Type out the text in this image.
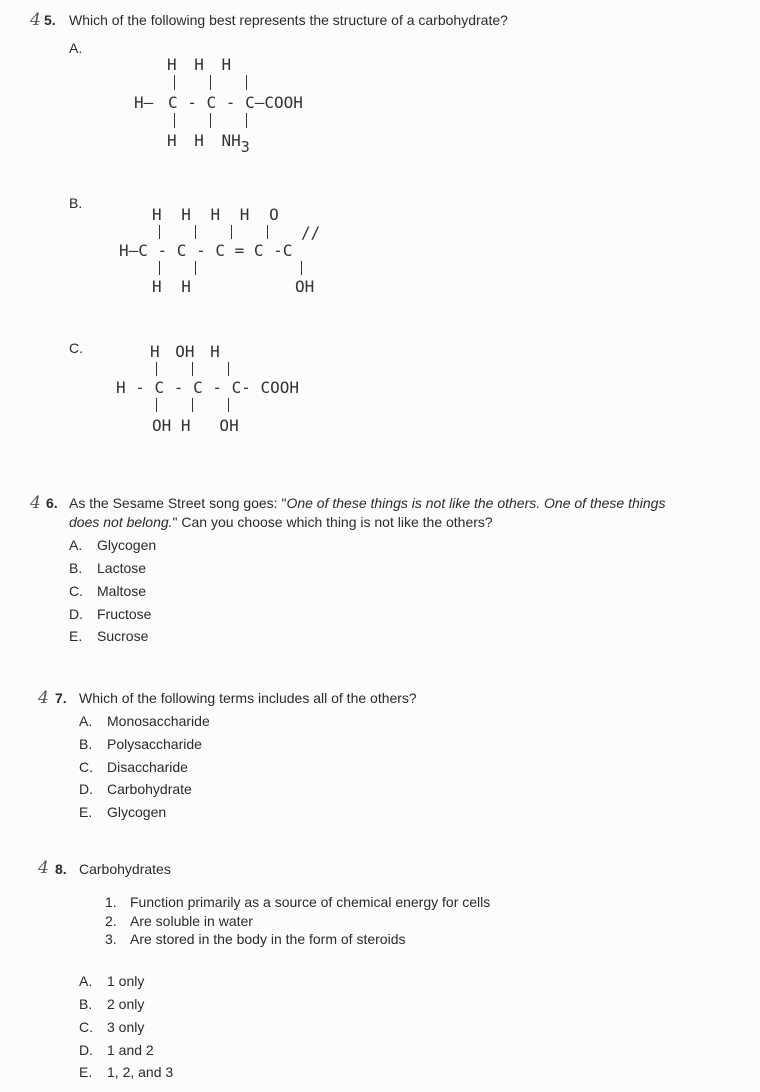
4 5. Which of the following best represents the structure of a carbohydrate?
A.
H H H
H— C - C - C—COOH
H H NH3
B.
H H H H O
//
H—C - C - C = C -C
H H	OH
C.	H OH H
H - C - C - C- COOH
OH H   OH
4 6. As the Sesame Street song goes: "One of these things is not like the others. One of these things
does not belong." Can you choose which thing is not like the others?
A. Glycogen
B. Lactose
C. Maltose
D. Fructose
E. Sucrose
4 7. Which of the following terms includes all of the others?
A. Monosaccharide
B. Polysaccharide
C. Disaccharide
D. Carbohydrate
E. Glycogen
4 8. Carbohydrates
1. Function primarily as a source of chemical energy for cells
2. Are soluble in water
3. Are stored in the body in the form of steroids
A. 1 only
B. 2 only
C. 3 only
D. 1 and 2
E. 1, 2, and 3
